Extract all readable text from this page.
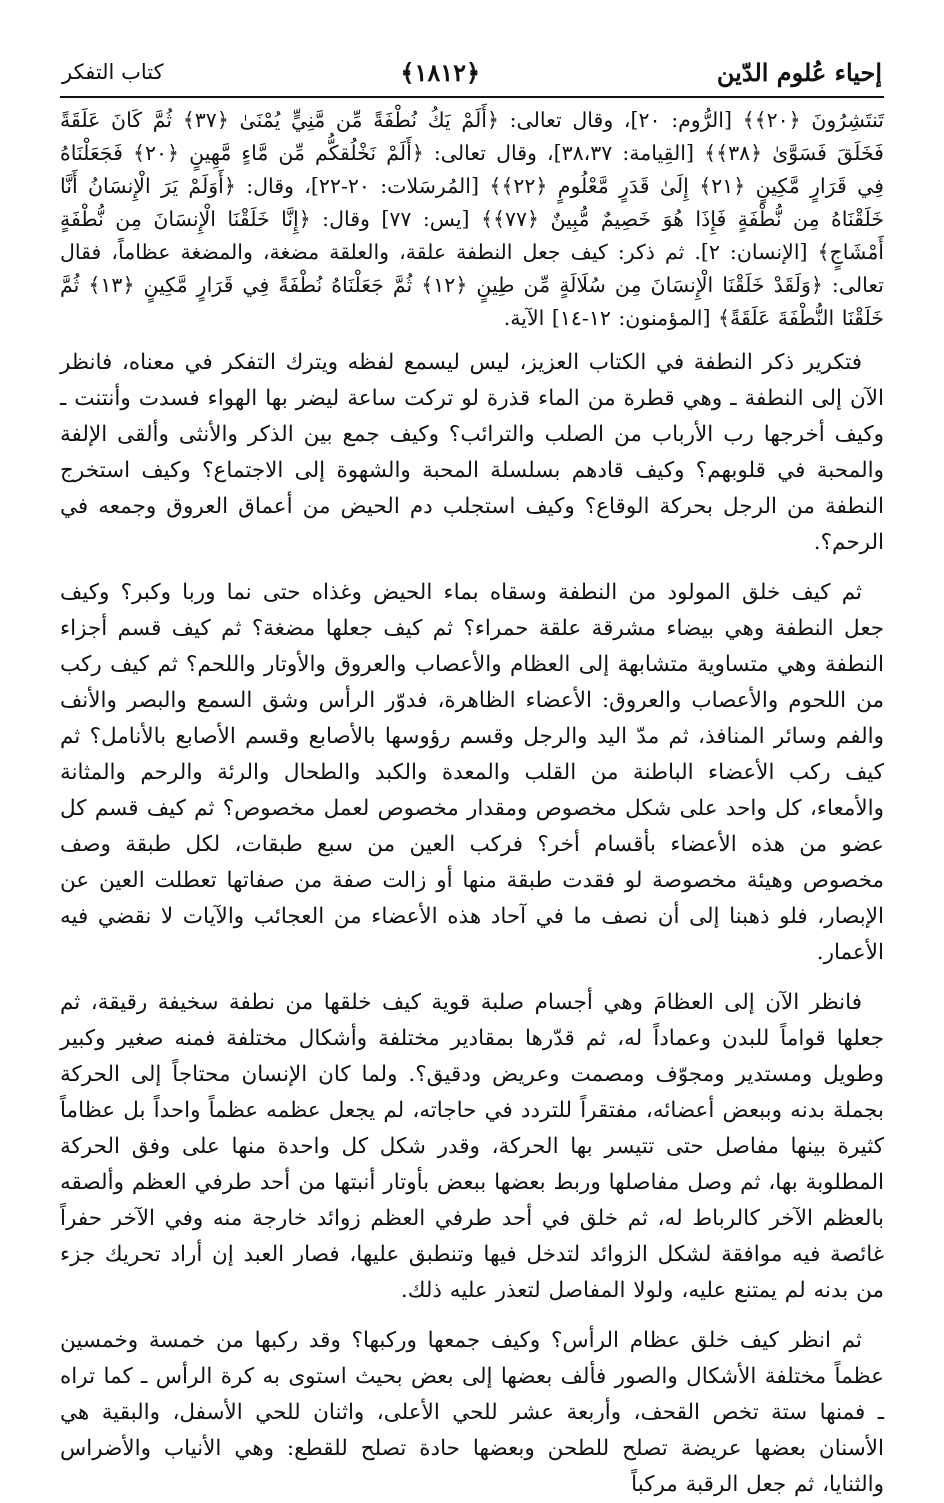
إحياء عُلوم الدّين
﴿١٨١٢﴾
كتاب التفكر

تَنتَشِرُونَ ﴿٢٠﴾﴾ [الرُّوم: ٢٠]، وقال تعالى: ﴿أَلَمْ يَكُ نُطْفَةً مِّن مَّنِيٍّ يُمْنَىٰ ﴿٣٧﴾ ثُمَّ كَانَ عَلَقَةً فَخَلَقَ فَسَوَّىٰ ﴿٣٨﴾﴾ [القِيامة: ٣٨،٣٧]، وقال تعالى: ﴿أَلَمْ نَخْلُقكُّم مِّن مَّاءٍ مَّهِينٍ ﴿٢٠﴾ فَجَعَلْنَاهُ فِي قَرَارٍ مَّكِينٍ ﴿٢١﴾ إِلَىٰ قَدَرٍ مَّعْلُومٍ ﴿٢٢﴾﴾ [المُرسَلات: ٢٠-٢٢]، وقال: ﴿أَوَلَمْ يَرَ الْإِنسَانُ أَنَّا خَلَقْنَاهُ مِن نُّطْفَةٍ فَإِذَا هُوَ خَصِيمٌ مُّبِينٌ ﴿٧٧﴾﴾ [يس: ٧٧] وقال: ﴿إِنَّا خَلَقْنَا الْإِنسَانَ مِن نُّطْفَةٍ أَمْشَاجٍ﴾ [الإنسان: ٢]. ثم ذكر: كيف جعل النطفة علقة، والعلقة مضغة، والمضغة عظاماً، فقال تعالى: ﴿وَلَقَدْ خَلَقْنَا الْإِنسَانَ مِن سُلَالَةٍ مِّن طِينٍ ﴿١٢﴾ ثُمَّ جَعَلْنَاهُ نُطْفَةً فِي قَرَارٍ مَّكِينٍ ﴿١٣﴾ ثُمَّ خَلَقْنَا النُّطْفَةَ عَلَقَةً﴾ [المؤمنون: ١٢-١٤] الآية.

فتكرير ذكر النطفة في الكتاب العزيز، ليس ليسمع لفظه ويترك التفكر في معناه، فانظر الآن إلى النطفة ـ وهي قطرة من الماء قذرة لو تركت ساعة ليضر بها الهواء فسدت وأنتنت ـ وكيف أخرجها رب الأرباب من الصلب والترائب؟ وكيف جمع بين الذكر والأنثى وألقى الإلفة والمحبة في قلوبهم؟ وكيف قادهم بسلسلة المحبة والشهوة إلى الاجتماع؟ وكيف استخرج النطفة من الرجل بحركة الوقاع؟ وكيف استجلب دم الحيض من أعماق العروق وجمعه في الرحم؟.

ثم كيف خلق المولود من النطفة وسقاه بماء الحيض وغذاه حتى نما وربا وكبر؟ وكيف جعل النطفة وهي بيضاء مشرقة علقة حمراء؟ ثم كيف جعلها مضغة؟ ثم كيف قسم أجزاء النطفة وهي متساوية متشابهة إلى العظام والأعصاب والعروق والأوتار واللحم؟ ثم كيف ركب من اللحوم والأعصاب والعروق: الأعضاء الظاهرة، فدوّر الرأس وشق السمع والبصر والأنف والفم وسائر المنافذ، ثم مدّ اليد والرجل وقسم رؤوسها بالأصابع وقسم الأصابع بالأنامل؟ ثم كيف ركب الأعضاء الباطنة من القلب والمعدة والكبد والطحال والرئة والرحم والمثانة والأمعاء، كل واحد على شكل مخصوص ومقدار مخصوص لعمل مخصوص؟ ثم كيف قسم كل عضو من هذه الأعضاء بأقسام أخر؟ فركب العين من سبع طبقات، لكل طبقة وصف مخصوص وهيئة مخصوصة لو فقدت طبقة منها أو زالت صفة من صفاتها تعطلت العين عن الإبصار، فلو ذهبنا إلى أن نصف ما في آحاد هذه الأعضاء من العجائب والآيات لا نقضي فيه الأعمار.

فانظر الآن إلى العظامَ وهي أجسام صلبة قوية كيف خلقها من نطفة سخيفة رقيقة، ثم جعلها قواماً للبدن وعماداً له، ثم قدّرها بمقادير مختلفة وأشكال مختلفة فمنه صغير وكبير وطويل ومستدير ومجوّف ومصمت وعريض ودقيق؟. ولما كان الإنسان محتاجاً إلى الحركة بجملة بدنه وببعض أعضائه، مفتقراً للتردد في حاجاته، لم يجعل عظمه عظماً واحداً بل عظاماً كثيرة بينها مفاصل حتى تتيسر بها الحركة، وقدر شكل كل واحدة منها على وفق الحركة المطلوبة بها، ثم وصل مفاصلها وربط بعضها ببعض بأوتار أنبتها من أحد طرفي العظم وألصقه بالعظم الآخر كالرباط له، ثم خلق في أحد طرفي العظم زوائد خارجة منه وفي الآخر حفراً غائصة فيه موافقة لشكل الزوائد لتدخل فيها وتنطبق عليها، فصار العبد إن أراد تحريك جزء من بدنه لم يمتنع عليه، ولولا المفاصل لتعذر عليه ذلك.

ثم انظر كيف خلق عظام الرأس؟ وكيف جمعها وركبها؟ وقد ركبها من خمسة وخمسين عظماً مختلفة الأشكال والصور فألف بعضها إلى بعض بحيث استوى به كرة الرأس ـ كما تراه ـ فمنها ستة تخص القحف، وأربعة عشر للحي الأعلى، واثنان للحي الأسفل، والبقية هي الأسنان بعضها عريضة تصلح للطحن وبعضها حادة تصلح للقطع: وهي الأنياب والأضراس والثنايا، ثم جعل الرقبة مركباً
